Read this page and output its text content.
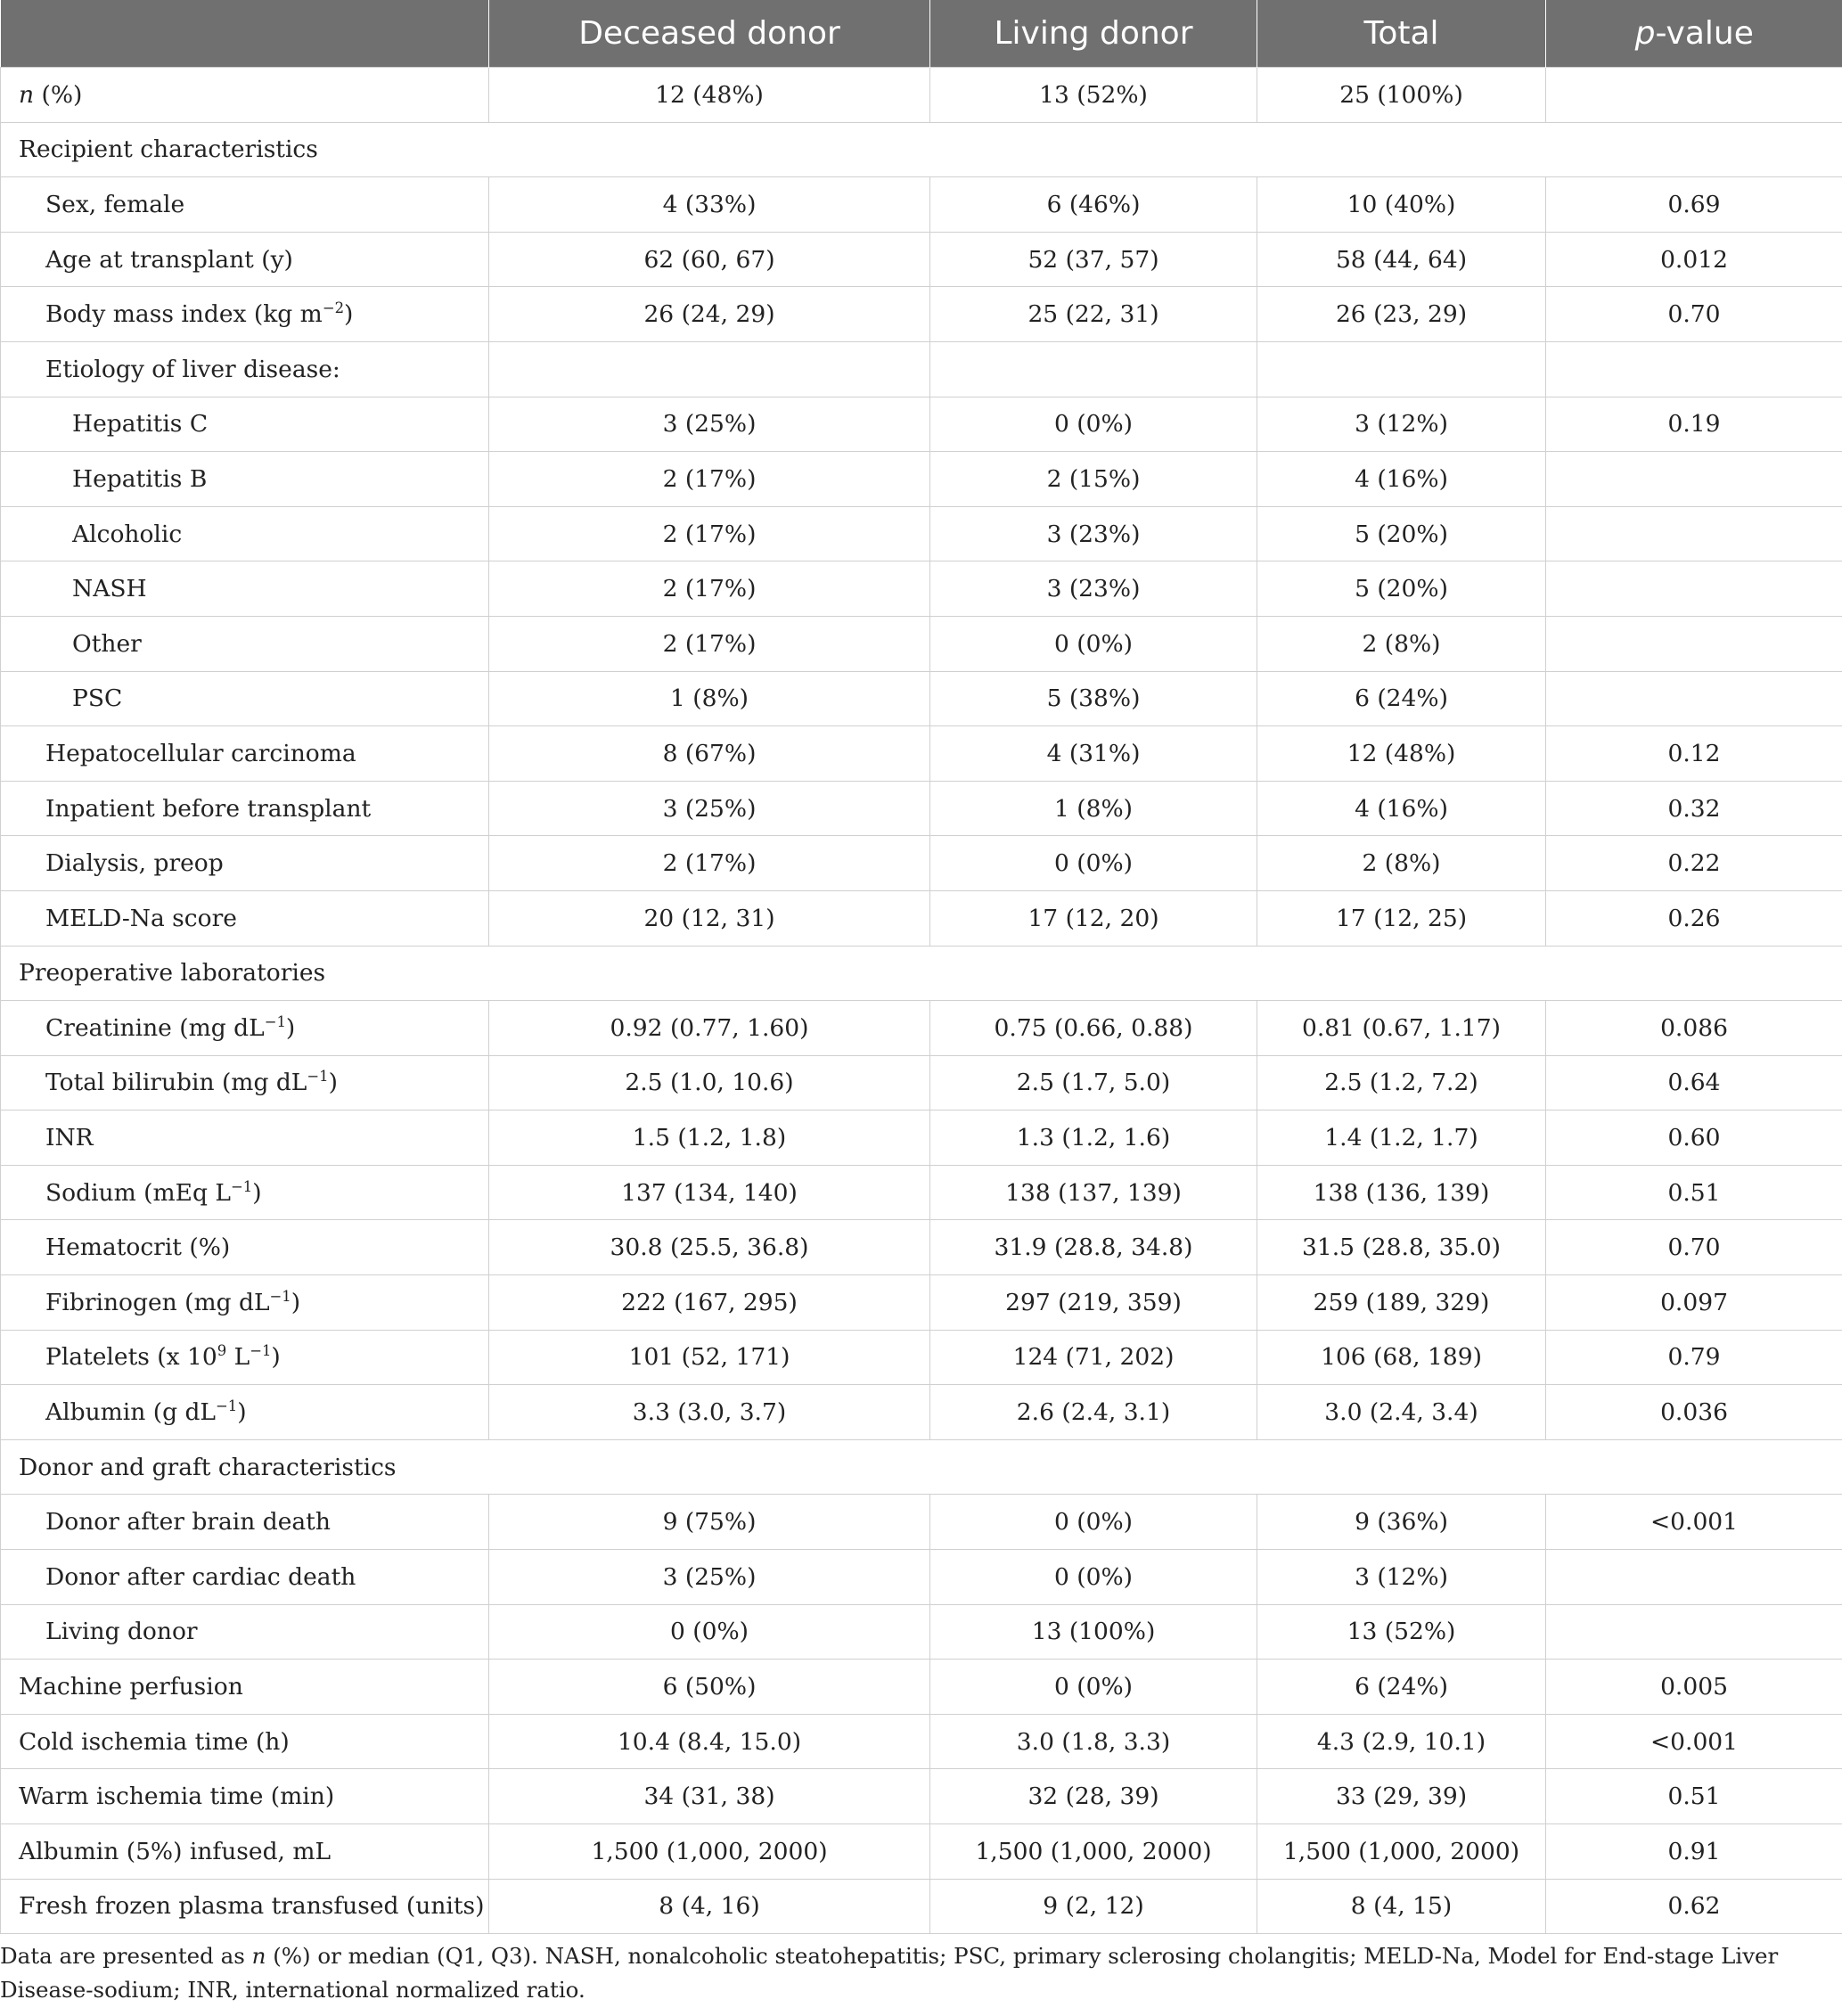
	Deceased donor	Living donor	Total	p-value
n (%)	12 (48%)	13 (52%)	25 (100%)	
Recipient characteristics				
Sex, female	4 (33%)	6 (46%)	10 (40%)	0.69
Age at transplant (y)	62 (60, 67)	52 (37, 57)	58 (44, 64)	0.012
Body mass index (kg $m^{-2}$)	26 (24, 29)	25 (22, 31)	26 (23, 29)	0.70
Etiology of liver disease:				
Hepatitis C	3 (25%)	0 (0%)	3 (12%)	0.19
Hepatitis B	2 (17%)	2 (15%)	4 (16%)	
Alcoholic	2 (17%)	3 (23%)	5 (20%)	
NASH	2 (17%)	3 (23%)	5 (20%)	
Other	2 (17%)	0 (0%)	2 (8%)	
PSC	1 (8%)	5 (38%)	6 (24%)	
Hepatocellular carcinoma	8 (67%)	4 (31%)	12 (48%)	0.12
Inpatient before transplant	3 (25%)	1 (8%)	4 (16%)	0.32
Dialysis, preop	2 (17%)	0 (0%)	2 (8%)	0.22
MELD-Na score	20 (12, 31)	17 (12, 20)	17 (12, 25)	0.26
Preoperative laboratories				
Creatinine (mg $dL^{-1}$)	0.92 (0.77, 1.60)	0.75 (0.66, 0.88)	0.81 (0.67, 1.17)	0.086
Total bilirubin (mg $dL^{-1}$)	2.5 (1.0, 10.6)	2.5 (1.7, 5.0)	2.5 (1.2, 7.2)	0.64
INR	1.5 (1.2, 1.8)	1.3 (1.2, 1.6)	1.4 (1.2, 1.7)	0.60
Sodium (mEq $L^{-1}$)	137 (134, 140)	138 (137, 139)	138 (136, 139)	0.51
Hematocrit (%)	30.8 (25.5, 36.8)	31.9 (28.8, 34.8)	31.5 (28.8, 35.0)	0.70
Fibrinogen (mg $dL^{-1}$)	222 (167, 295)	297 (219, 359)	259 (189, 329)	0.097
Platelets (x $10^9$ $L^{-1}$)	101 (52, 171)	124 (71, 202)	106 (68, 189)	0.79
Albumin (g $dL^{-1}$)	3.3 (3.0, 3.7)	2.6 (2.4, 3.1)	3.0 (2.4, 3.4)	0.036
Donor and graft characteristics				
Donor after brain death	9 (75%)	0 (0%)	9 (36%)	<0.001
Donor after cardiac death	3 (25%)	0 (0%)	3 (12%)	
Living donor	0 (0%)	13 (100%)	13 (52%)	
Machine perfusion	6 (50%)	0 (0%)	6 (24%)	0.005
Cold ischemia time (h)	10.4 (8.4, 15.0)	3.0 (1.8, 3.3)	4.3 (2.9, 10.1)	<0.001
Warm ischemia time (min)	34 (31, 38)	32 (28, 39)	33 (29, 39)	0.51
Albumin (5%) infused, mL	1,500 (1,000, 2000)	1,500 (1,000, 2000)	1,500 (1,000, 2000)	0.91
Fresh frozen plasma transfused (units)	8 (4, 16)	9 (2, 12)	8 (4, 15)	0.62
Data are presented as n (%) or median (Q1, Q3). NASH, nonalcoholic steatohepatitis; PSC, primary sclerosing cholangitis; MELD-Na, Model for End-stage Liver Disease-sodium; INR, international normalized ratio.
